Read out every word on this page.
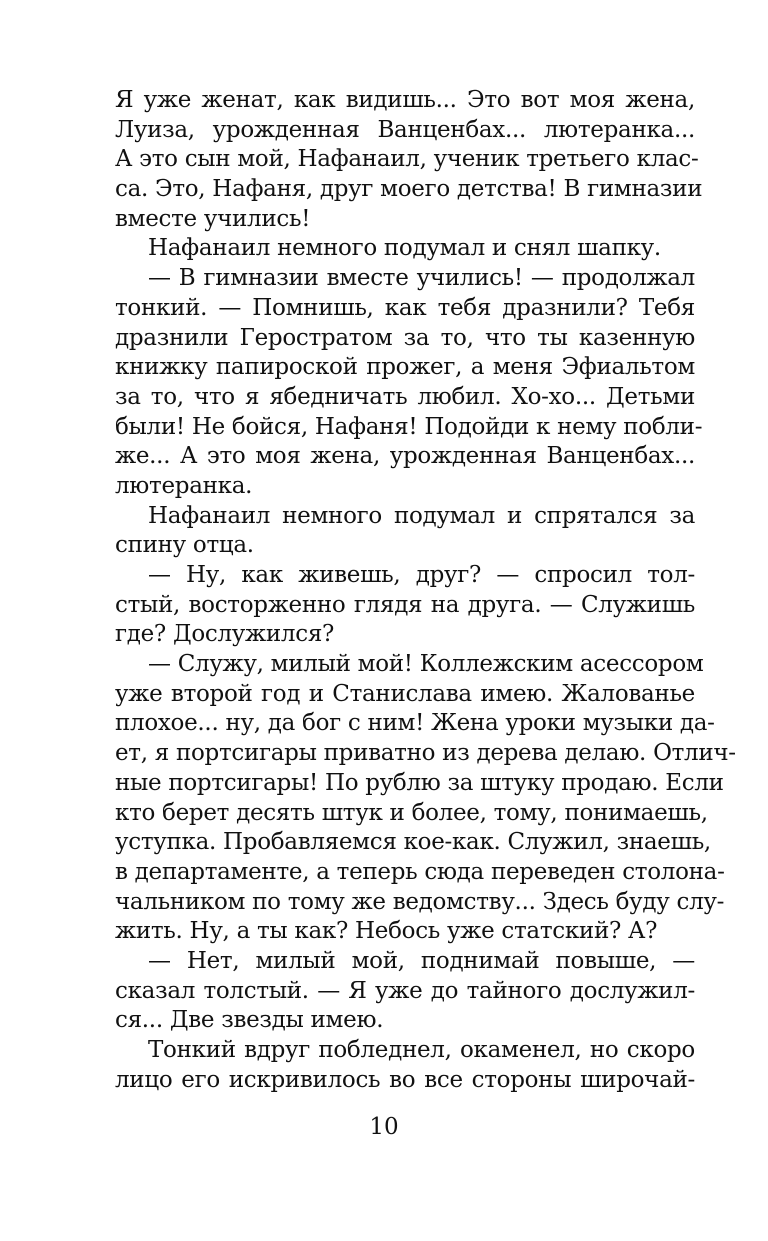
Я уже женат, как видишь... Это вот моя жена,
Луиза, урожденная Ванценбах... лютеранка...
А это сын мой, Нафанаил, ученик третьего клас-
са. Это, Нафаня, друг моего детства! В гимназии
вместе учились!
Нафанаил немного подумал и снял шапку.
— В гимназии вместе учились! — продолжал
тонкий. — Помнишь, как тебя дразнили? Тебя
дразнили Геростратом за то, что ты казенную
книжку папироской прожег, а меня Эфиальтом
за то, что я ябедничать любил. Хо-хо... Детьми
были! Не бойся, Нафаня! Подойди к нему побли-
же... А это моя жена, урожденная Ванценбах...
лютеранка.
Нафанаил немного подумал и спрятался за
спину отца.
— Ну, как живешь, друг? — спросил тол-
стый, восторженно глядя на друга. — Служишь
где? Дослужился?
— Служу, милый мой! Коллежским асессором
уже второй год и Станислава имею. Жалованье
плохое... ну, да бог с ним! Жена уроки музыки да-
ет, я портсигары приватно из дерева делаю. Отлич-
ные портсигары! По рублю за штуку продаю. Если
кто берет десять штук и более, тому, понимаешь,
уступка. Пробавляемся кое-как. Служил, знаешь,
в департаменте, а теперь сюда переведен столона-
чальником по тому же ведомству... Здесь буду слу-
жить. Ну, а ты как? Небось уже статский? А?
— Нет, милый мой, поднимай повыше, —
сказал толстый. — Я уже до тайного дослужил-
ся... Две звезды имею.
Тонкий вдруг побледнел, окаменел, но скоро
лицо его искривилось во все стороны широчай-
10
